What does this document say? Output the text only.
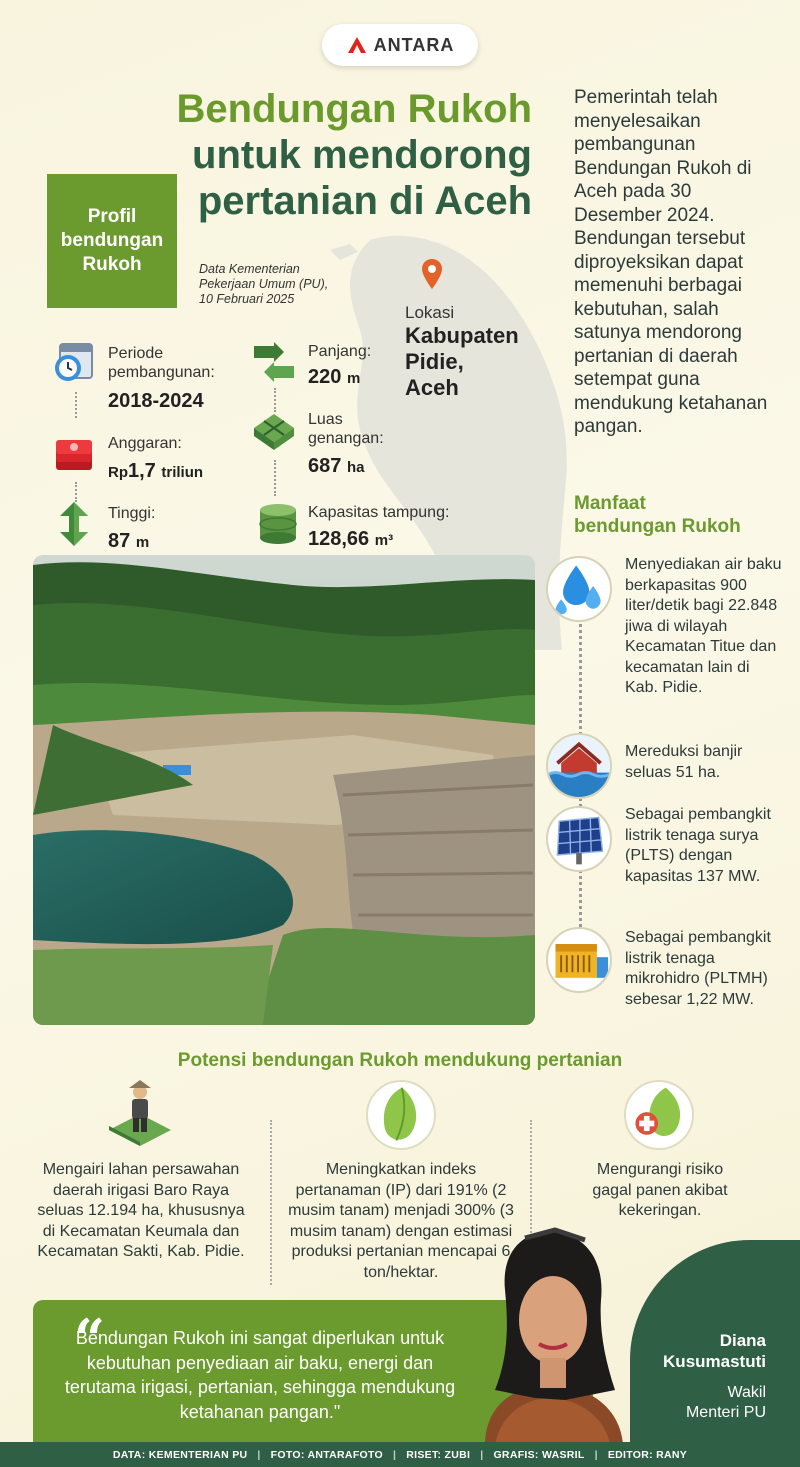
ANTARA
Bendungan Rukoh
untuk mendorong
pertanian di Aceh
Pemerintah telah menyelesaikan pembangunan Bendungan Rukoh di Aceh pada 30 Desember 2024. Bendungan tersebut diproyeksikan dapat memenuhi berbagai kebutuhan, salah satunya mendorong pertanian di daerah setempat guna mendukung ketahanan pangan.
Profil
bendungan
Rukoh	Data Kementerian
Pekerjaan Umum (PU),
10 Februari 2025
Lokasi
Kabupaten
Pidie,
Aceh
Periode
pembangunan:
2018-2024
Anggaran:
Rp1,7 triliun
Tinggi:
87 m
Panjang:
220 m
Luas
genangan:
687 ha
Kapasitas tampung:
128,66 m³
Manfaat
bendungan Rukoh
Menyediakan air baku berkapasitas 900 liter/detik bagi 22.848 jiwa di wilayah Kecamatan Titue dan kecamatan lain di Kab. Pidie.
Mereduksi banjir seluas 51 ha.
Sebagai pembangkit listrik tenaga surya (PLTS) dengan kapasitas 137 MW.
Sebagai pembangkit listrik tenaga mikrohidro (PLTMH) sebesar 1,22 MW.
Potensi bendungan Rukoh mendukung pertanian
Mengairi lahan persawahan daerah irigasi Baro Raya seluas 12.194 ha, khususnya di Kecamatan Keumala dan Kecamatan Sakti, Kab. Pidie.
Meningkatkan indeks pertanaman (IP) dari 191% (2 musim tanam) menjadi 300% (3 musim tanam) dengan estimasi produksi pertanian mencapai 6 ton/hektar.
Mengurangi risiko gagal panen akibat kekeringan.
“
Bendungan Rukoh ini sangat diperlukan untuk kebutuhan penyediaan air baku, energi dan terutama irigasi, pertanian, sehingga mendukung ketahanan pangan."
Diana
Kusumastuti
Wakil
Menteri PU
DATA: KEMENTERIAN PU | FOTO: ANTARAFOTO | RISET: ZUBI | GRAFIS: WASRIL | EDITOR: RANY
